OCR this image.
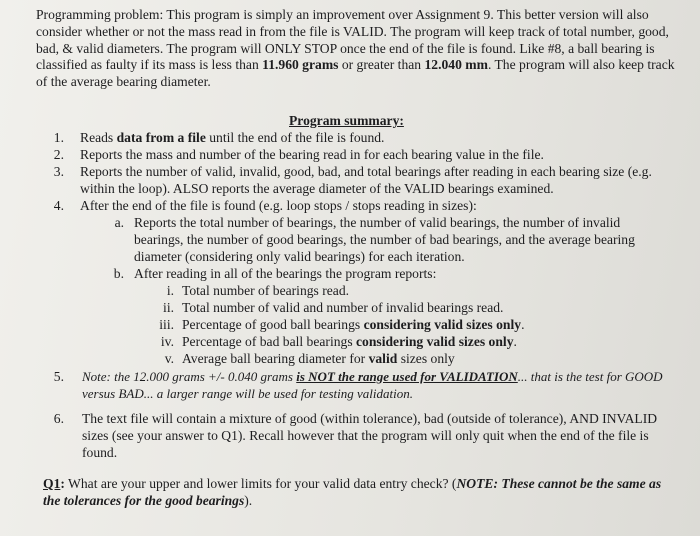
Programming problem: This program is simply an improvement over Assignment 9. This better version will also consider whether or not the mass read in from the file is VALID. The program will keep track of total number, good, bad, & valid diameters. The program will ONLY STOP once the end of the file is found. Like #8, a ball bearing is classified as faulty if its mass is less than 11.960 grams or greater than 12.040 mm. The program will also keep track of the average bearing diameter.
Program summary:
1. Reads data from a file until the end of the file is found.
2. Reports the mass and number of the bearing read in for each bearing value in the file.
3. Reports the number of valid, invalid, good, bad, and total bearings after reading in each bearing size (e.g. within the loop). ALSO reports the average diameter of the VALID bearings examined.
4. After the end of the file is found (e.g. loop stops / stops reading in sizes):
a. Reports the total number of bearings, the number of valid bearings, the number of invalid bearings, the number of good bearings, the number of bad bearings, and the average bearing diameter (considering only valid bearings) for each iteration.
b. After reading in all of the bearings the program reports:
i. Total number of bearings read.
ii. Total number of valid and number of invalid bearings read.
iii. Percentage of good ball bearings considering valid sizes only.
iv. Percentage of bad ball bearings considering valid sizes only.
v. Average ball bearing diameter for valid sizes only
5. Note: the 12.000 grams +/- 0.040 grams is NOT the range used for VALIDATION... that is the test for GOOD versus BAD... a larger range will be used for testing validation.
6. The text file will contain a mixture of good (within tolerance), bad (outside of tolerance), AND INVALID sizes (see your answer to Q1). Recall however that the program will only quit when the end of the file is found.
Q1: What are your upper and lower limits for your valid data entry check? (NOTE: These cannot be the same as the tolerances for the good bearings).
